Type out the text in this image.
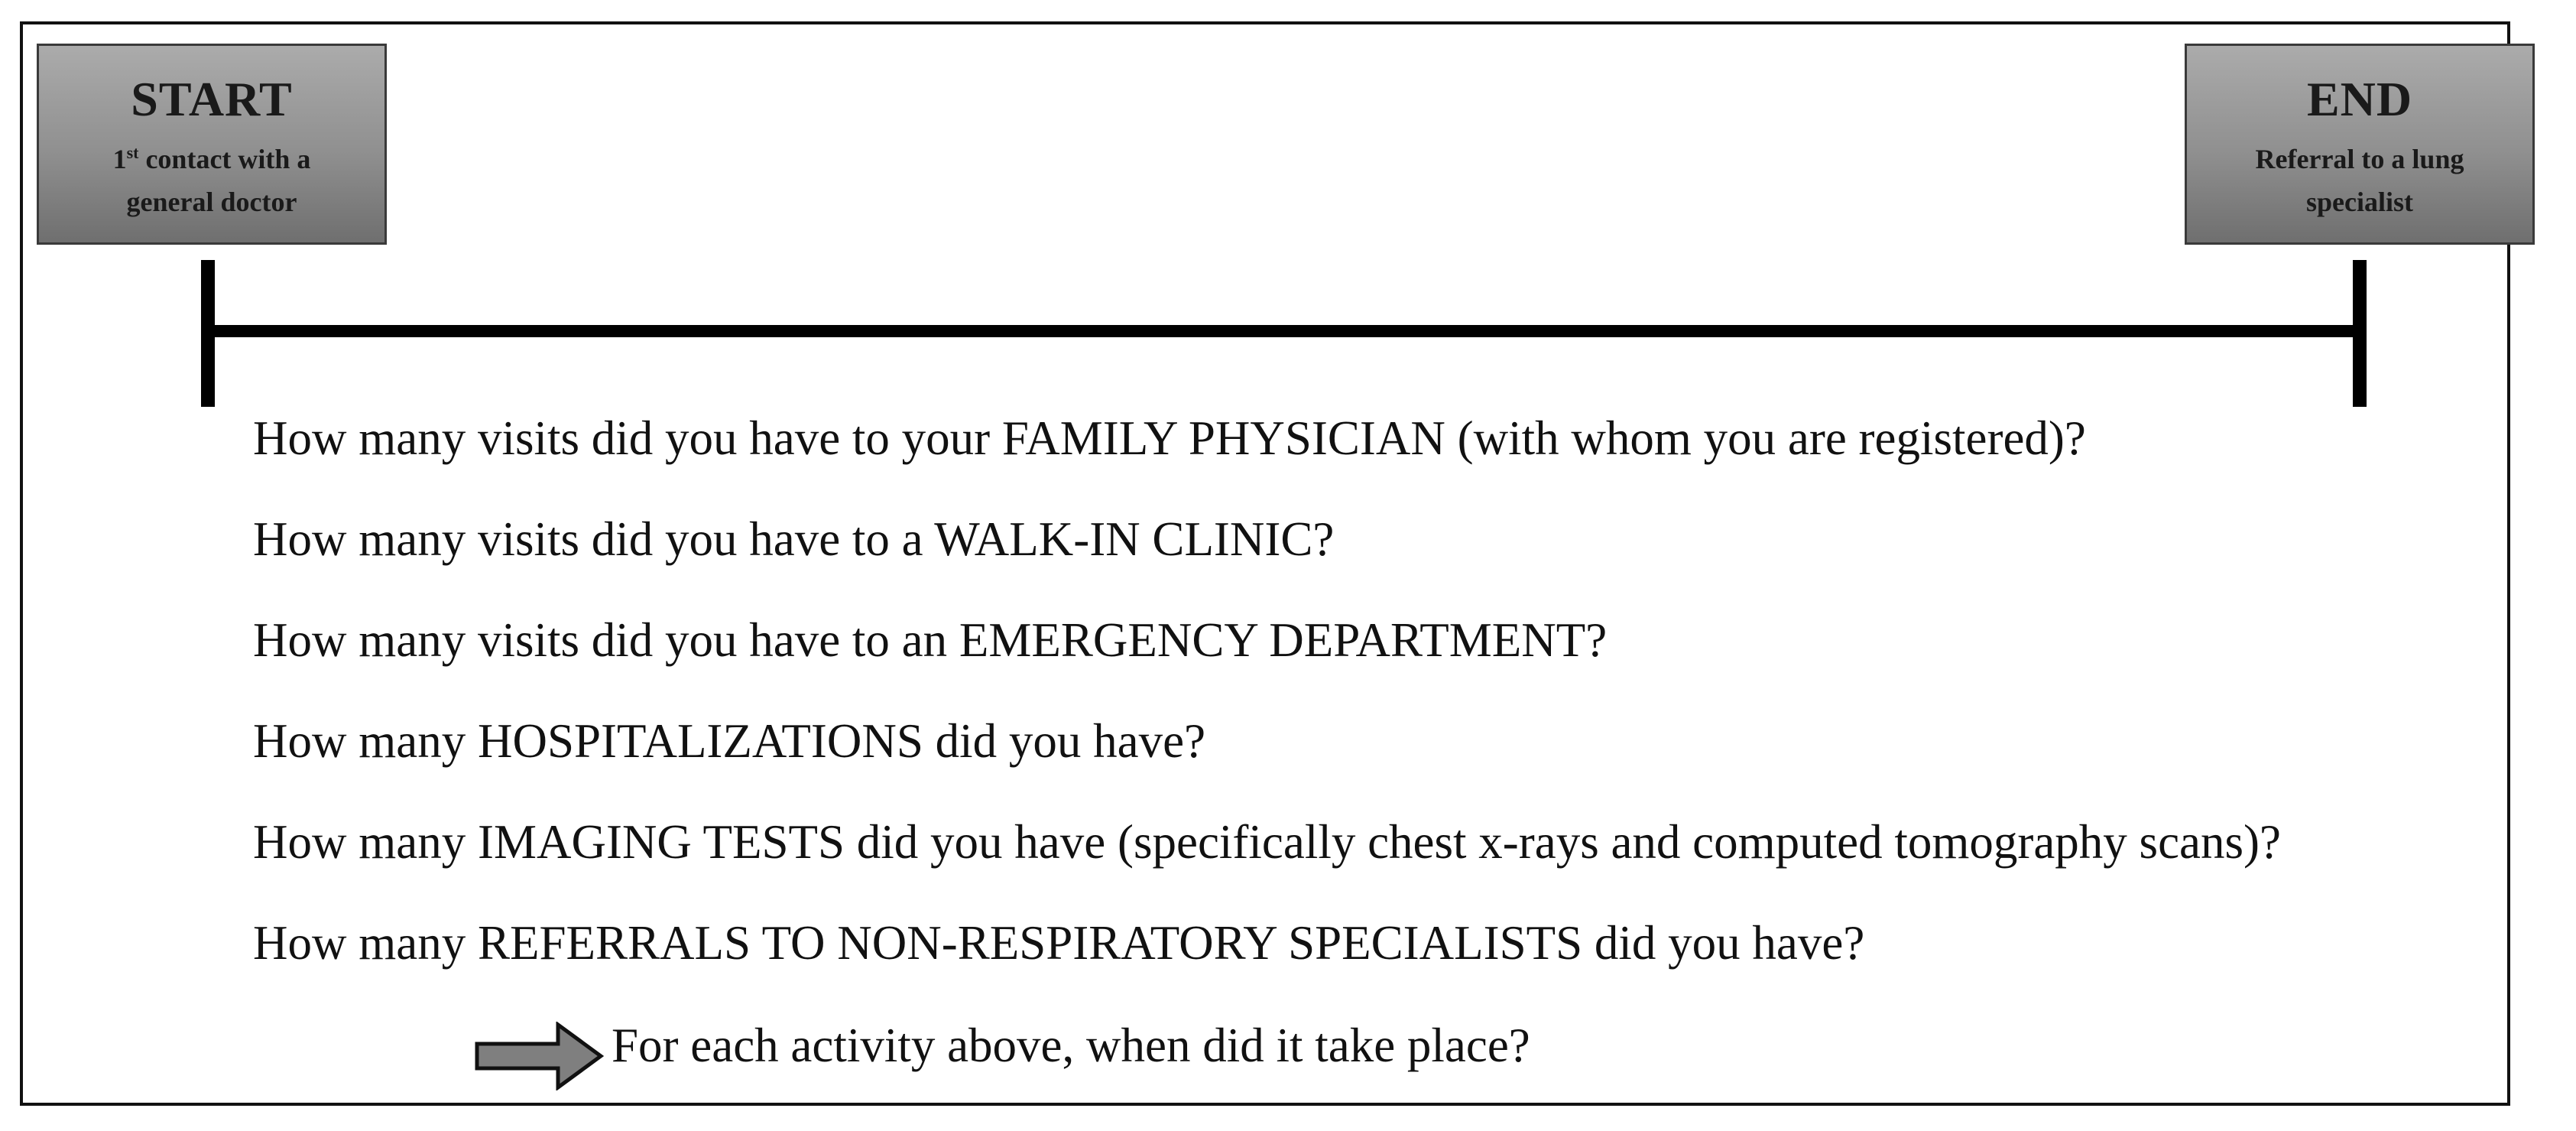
START
1st contact with a
general doctor
END
Referral to a lung
specialist
How many visits did you have to your FAMILY PHYSICIAN (with whom you are registered)?
How many visits did you have to a WALK-IN CLINIC?
How many visits did you have to an EMERGENCY DEPARTMENT?
How many HOSPITALIZATIONS did you have?
How many IMAGING TESTS did you have (specifically chest x-rays and computed tomography scans)?
How many REFERRALS TO NON-RESPIRATORY SPECIALISTS did you have?
For each activity above, when did it take place?
